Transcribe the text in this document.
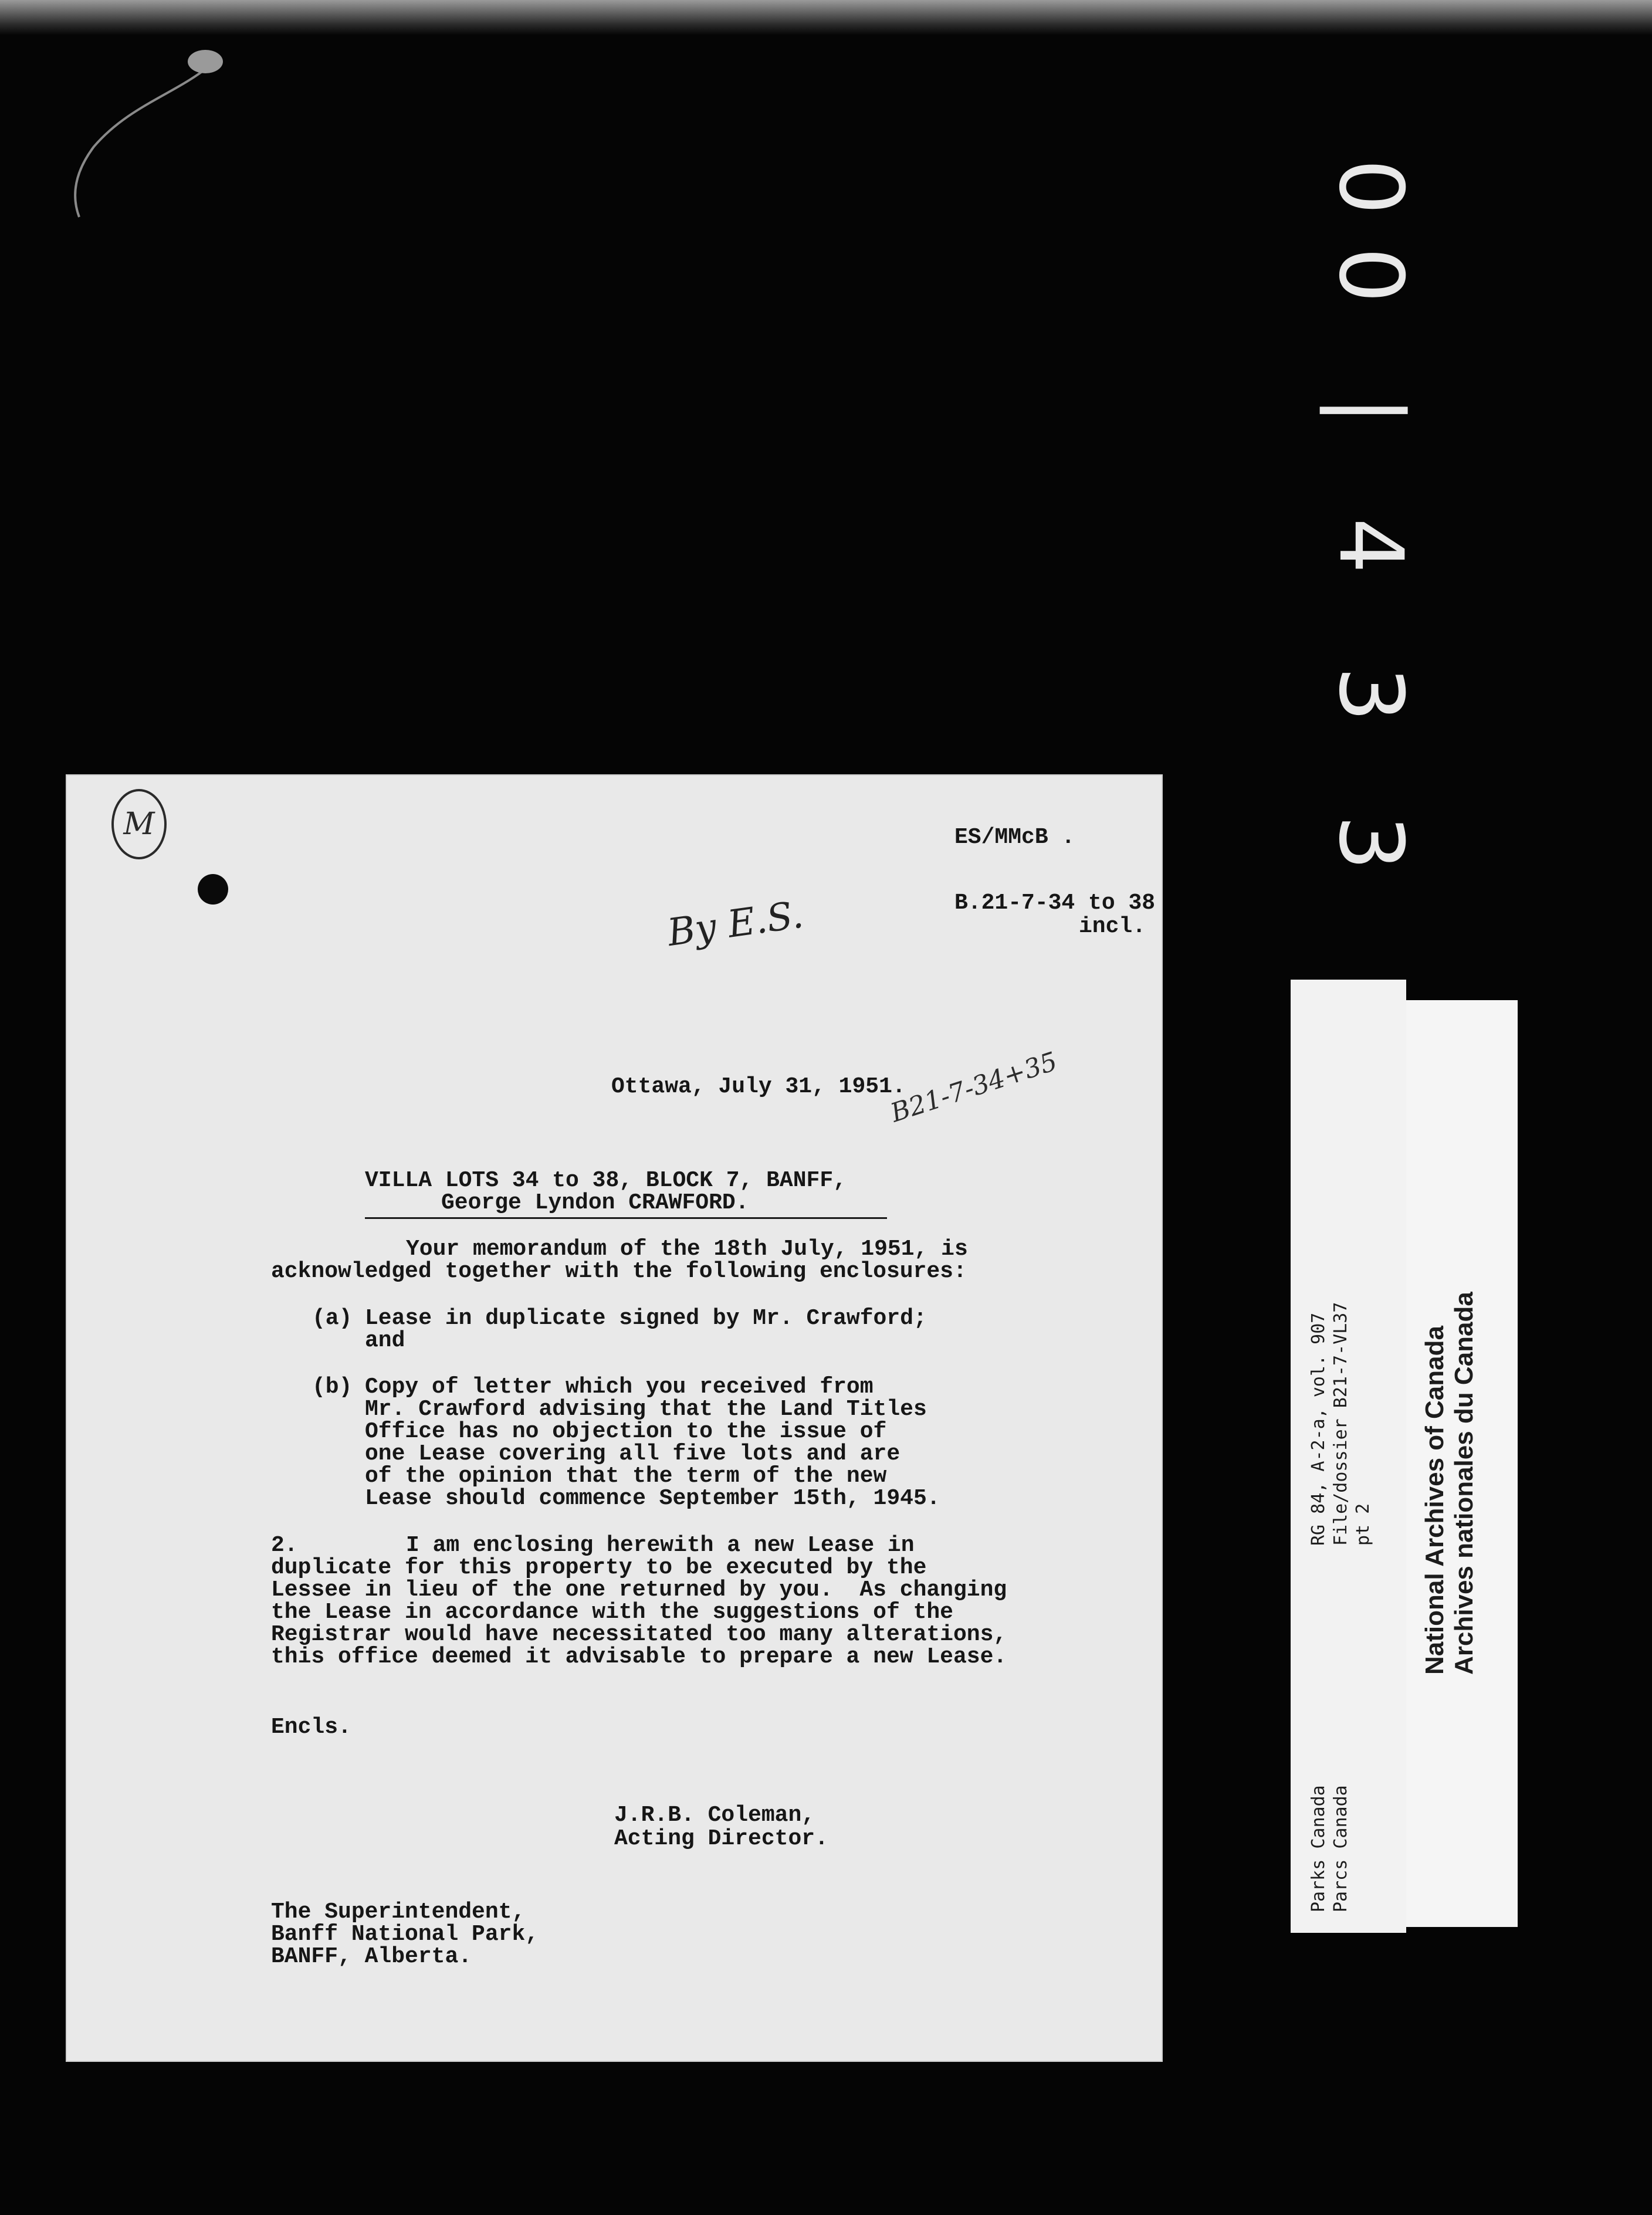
00 | 4 3 3
M	ES/MMcB .
B.21-7-34 to 38
incl.
By E.S.
Ottawa, July 31, 1951.
VILLA LOTS 34 to 38, BLOCK 7, BANFF,
George Lyndon CRAWFORD.
B21-7-34+35
Your memorandum of the 18th July, 1951, is
acknowledged together with the following enclosures:
(a) Lease in duplicate signed by Mr. Crawford;
and
(b) Copy of letter which you received from
Mr. Crawford advising that the Land Titles
Office has no objection to the issue of
one Lease covering all five lots and are
of the opinion that the term of the new
Lease should commence September 15th, 1945.
2.	I am enclosing herewith a new Lease in
duplicate for this property to be executed by the
Lessee in lieu of the one returned by you.  As changing
the Lease in accordance with the suggestions of the
Registrar would have necessitated too many alterations,
this office deemed it advisable to prepare a new Lease.
Encls.
J.R.B. Coleman,
Acting Director.
The Superintendent,
Banff National Park,
BANFF, Alberta.
RG 84, A-2-a, vol. 907 File/dossier B21-7-VL37 pt 2
Parks Canada Parcs Canada
National Archives of Canada Archives nationales du Canada
